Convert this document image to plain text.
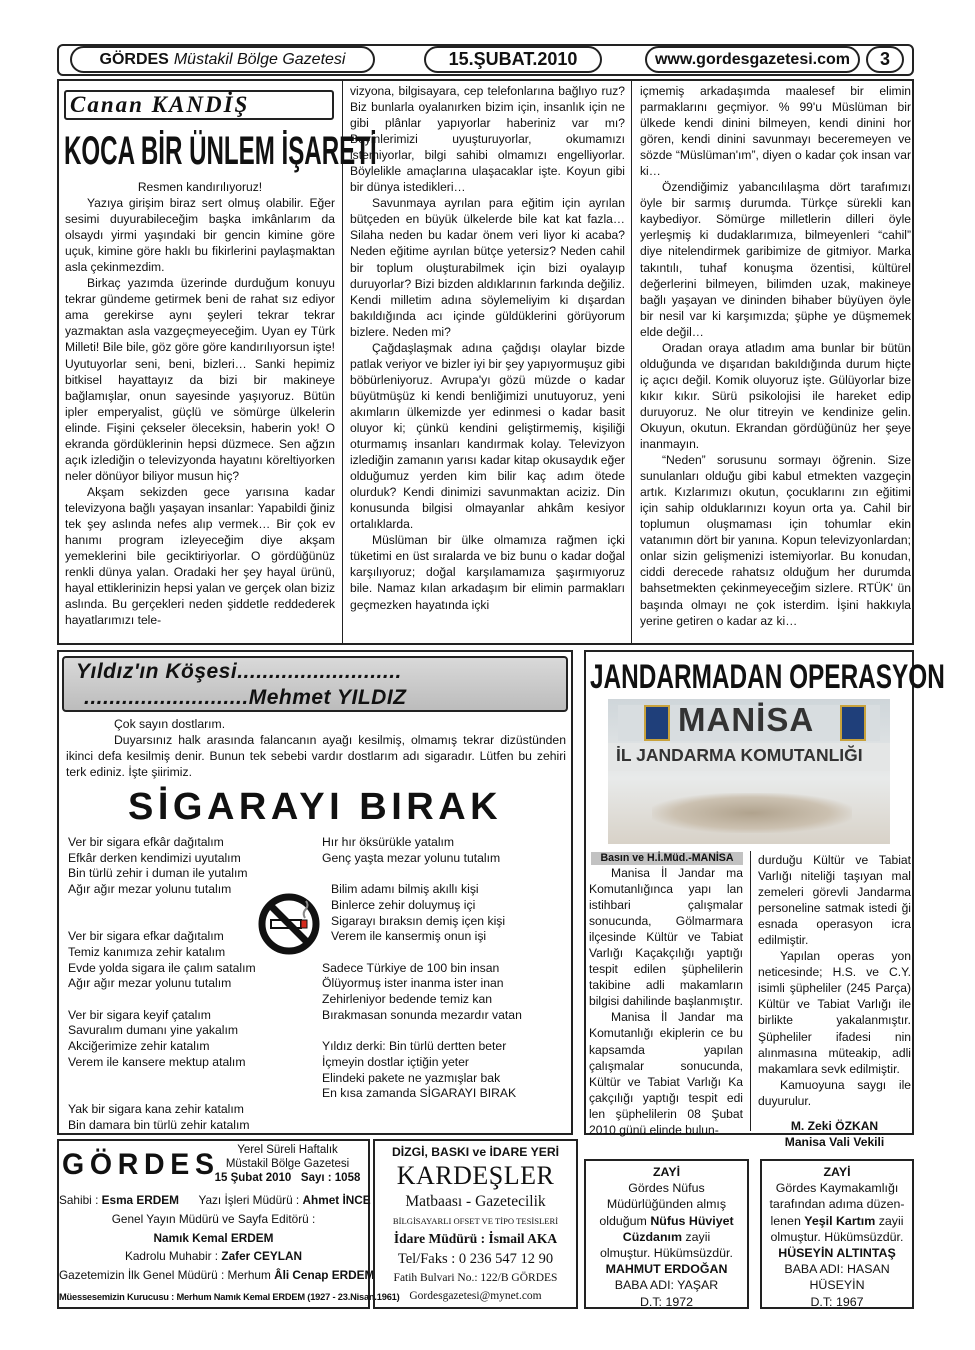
GÖRDES Müstakil Bölge Gazetesi	15.ŞUBAT.2010	www.gordesgazetesi.com	3
Canan KANDİŞ
KOCA BİR ÜNLEM İŞARETİ

Resmen kandırılıyoruz!

Yazıya girişim biraz sert olmuş olabilir. Eğer sesimi duyurabileceğim başka imkânlarım da olsaydı yirmi yaşındaki bir gencin kimine göre uçuk, kimine göre haklı bu fikirlerini paylaşmaktan asla çekinmezdim.

Birkaç yazımda üzerinde durduğum konuyu tekrar gündeme getirmek beni de rahat sız ediyor ama gerekirse aynı şeyleri tekrar tekrar yazmaktan asla vazgeçmeyeceğim. Uyan ey Türk Milleti! Bile bile, göz göre göre kandırılıyorsun işte! Uyutuyorlar seni, beni, bizleri… Sanki hepimiz bitkisel hayattayız da bizi bir makineye bağlamışlar, onun sayesinde yaşıyoruz. Bütün ipler emperyalist, güçlü ve sömürge ülkelerin elinde. Fişini çekseler öleceksin, haberin yok! O ekranda gördüklerinin hepsi düzmece. Sen ağzın açık izlediğin o televizyonda hayatını köreltiyorken neler dönüyor biliyor musun hiç?

Akşam sekizden gece yarısına kadar televizyona bağlı yaşayan insanlar: Yapabildi ğiniz tek şey aslında nefes alıp vermek… Bir çok ev hanımı program izleyeceğim diye akşam yemeklerini bile geciktiriyorlar. O gördüğünüz renkli dünya yalan. Oradaki her şey hayal ürünü, hayal ettiklerinizin hepsi yalan ve gerçek olan biziz aslında. Bu gerçekleri neden şiddetle reddederek hayatlarımızı tele-

vizyona, bilgisayara, cep telefonlarına bağlıyo ruz? Biz bunlarla oyalanırken bizim için, insanlık için ne gibi plânlar yapıyorlar haberiniz var mı? Beyinlerimizi uyuşturuyorlar, okumamızı istemiyorlar, bilgi sahibi olmamızı engelliyorlar. Böylelikle amaçlarına ulaşacaklar işte. Koyun gibi bir dünya istedikleri…

Savunmaya ayrılan para eğitim için ayrılan bütçeden en büyük ülkelerde bile kat kat fazla… Silaha neden bu kadar önem veri liyor ki acaba? Neden eğitime ayrılan bütçe yetersiz? Neden cahil bir toplum oluşturabilmek için bizi oyalayıp duruyorlar? Bizi bizden aldıklarının farkında değiliz. Kendi milletim adına söylemeliyim ki dışardan bakıldığında acı içinde güldüklerini görüyorum bizlere. Neden mi?

Çağdaşlaşmak adına çağdışı olaylar bizde patlak veriyor ve bizler iyi bir şey yapıyormuşuz gibi böbürleniyoruz. Avrupa'yı gözü müzde o kadar büyütmüşüz ki kendi benliğimizi unutuyoruz, yeni akımların ülkemizde yer edinmesi o kadar basit oluyor ki; çünkü kendini geliştirmemiş, kişiliği oturmamış insanları kandırmak kolay. Televizyon izlediğin zamanın yarısı kadar kitap okusaydık eğer olduğumuz yerden kim bilir kaç adım ötede olurduk? Kendi dinimizi savunmaktan aciziz. Din konusunda bilgisi olmayanlar ahkâm kesiyor ortalıklarda.

Müslüman bir ülke olmamıza rağmen içki tüketimi en üst sıralarda ve biz bunu o kadar doğal karşılıyoruz; doğal karşılamamıza şaşırmıyoruz bile. Namaz kılan arkadaşım bir elimin parmakları geçmezken hayatında içki

içmemiş arkadaşımda maalesef bir elimin parmaklarını geçmiyor. % 99'u Müslüman bir ülkede kendi dinini bilmeyen, kendi dinini hor gören, kendi dinini savunmayı beceremeyen ve sözde “Müslüman'ım”, diyen o kadar çok insan var ki…

Özendiğimiz yabancılılaşma dört tarafımızı öyle bir sarmış durumda. Türkçe sürekli kan kaybediyor. Sömürge milletlerin dilleri öyle yerleşmiş ki dudaklarımıza, bilmeyenleri “cahil” diye nitelendirmek garibimize de gitmiyor. Marka takıntılı, tuhaf konuşma özentisi, kültürel değerlerini bilmeyen, bilimden uzak, makineye bağlı yaşayan ve dininden bihaber büyüyen öyle bir nesil var ki karşımızda; şüphe ye düşmemek elde değil…

Oradan oraya atladım ama bunlar bir bütün olduğunda ve dışarıdan bakıldığında durum hiçte iç açıcı değil. Komik oluyoruz işte. Gülüyorlar bize kıkır kıkır. Sürü psikolojisi ile hareket edip duruyoruz. Ne olur titreyin ve kendinize gelin. Okuyun, okutun. Ekrandan gördüğünüz her şeye inanmayın.

“Neden” sorusunu sormayı öğrenin. Size sunulanları olduğu gibi kabul etmekten vazgeçin artık. Kızlarımızı okutun, çocuklarını zın eğitimi için sahip olduklarınızı koyun orta ya. Cahil bir toplumun oluşmaması için tohumlar ekin vatanımın dört bir yanına. Kopun televizyonlardan; onlar sizin gelişmenizi istemiyorlar. Bu konudan, ciddi derecede rahatsız olduğum her durumda bahsetmekten çekinmeyeceğim sizlere. RTÜK' ün başında olmayı ne çok isterdim. İşini hakkıyla yerine getiren o kadar az ki…

Yıldız'ın Köşesi..........................
..........................Mehmet YILDIZ
Çok sayın dostlarım.
Duyarsınız halk arasında falancanın ayağı kesilmiş, olmamış tekrar dizüstünden ikinci defa kesilmiş denir. Bunun tek sebebi vardır dostlarım adı sigaradır. Lütfen bu zehiri terk ediniz. İşte şiirimiz.
SİGARAYI BIRAK
Ver bir sigara efkâr dağıtalım
Efkâr derken kendimizi uyutalım
Bin türlü zehir i duman ile yutalım
Ağır ağır mezar yolunu tutalım
Ver bir sigara efkar dağıtalım
Temiz kanımıza zehir katalım
Evde yolda sigara ile çalım satalım
Ağır ağır mezar yolunu tutalım
Ver bir sigara keyif çatalım
Savuralım dumanı yine yakalım
Akciğerimize zehir katalım
Verem ile kansere mektup atalım
Yak bir sigara kana zehir katalım
Bin damara bin türlü zehir katalım
Hır hır öksürükle yatalım
Genç yaşta mezar yolunu tutalım
Bilim adamı bilmiş akıllı kişi
Binlerce zehir doluymuş içi
Sigarayı bıraksın demiş içen kişi
Verem ile kansermiş onun işi
Sadece Türkiye de 100 bin insan
Ölüyormuş ister inanma ister inan
Zehirleniyor bedende temiz kan
Bırakmasan sonunda mezardır vatan
Yıldız derki: Bin türlü dertten beter
İçmeyin dostlar içtiğin yeter
Elindeki pakete ne yazmışlar bak
En kısa zamanda SİGARAYI BIRAK
JANDARMADAN OPERASYON
MANİSA
İL JANDARMA KOMUTANLIĞI
Basın ve H.İ.Müd.-MANİSA

Manisa İl Jandar ma Komutanlığınca yapı lan istihbari çalışmalar sonucunda, Gölmarmara ilçesinde Kültür ve Tabiat Varlığı Kaçakçılığı yaptığı tespit edilen şüphelilerin takibine adli makamların bilgisi dahilinde başlanmıştır.

Manisa İl Jandar ma Komutanlığı ekiplerin ce bu kapsamda yapılan çalışmalar sonucunda, Kültür ve Tabiat Varlığı Ka çakçılığı yaptığı tespit edi len şüphelilerin 08 Şubat 2010 günü elinde bulun-

durduğu Kültür ve Tabiat Varlığı niteliği taşıyan mal zemeleri görevli Jandarma personeline satmak istedi ği esnada operasyon icra edilmiştir.

Yapılan operas yon neticesinde; H.S. ve C.Y. isimli şüpheliler (245 Parça) Kültür ve Tabiat Varlığı ile birlikte yakalanmıştır. Şüpheliler ifadesi nin alınmasına müteakip, adli makamlara sevk edilmiştir.

Kamuoyuna saygı ile duyurulur.

M. Zeki ÖZKAN
Manisa Vali Vekili
GÖRDES	Yerel Süreli Haftalık
Müstakil Bölge Gazetesi
15 Şubat 2010   Sayı : 1058
Sahibi : Esma ERDEM Yazı İşleri Müdürü : Ahmet İNCE
Genel Yayın Müdürü ve Sayfa Editörü :
Namık Kemal ERDEM
Kadrolu Muhabir : Zafer CEYLAN
Gazetemizin İlk Genel Müdürü : Merhum Âli Cenap ERDEM
Müessesemizin Kurucusu : Merhum Namık Kemal ERDEM (1927 - 23.Nisan.1961)
DİZGİ, BASKI ve İDARE YERİ
KARDEŞLER
Matbaası - Gazetecilik
BİLGİSAYARLI OFSET VE TİPO TESİSLERİ
İdare Müdürü : İsmail AKA
Tel/Faks : 0 236 547 12 90
Fatih Bulvari No.: 122/B GÖRDES
Gordesgazetesi@mynet.com
ZAYİ
Gördes Nüfus
Müdürlüğünden almış
olduğum Nüfus Hüviyet
Cüzdanım zayii
olmuştur. Hükümsüzdür.
MAHMUT ERDOĞAN
BABA ADI: YAŞAR
D.T: 1972
ZAYİ
Gördes Kaymakamlığı
tarafından adıma düzen-
lenen Yeşil Kartım zayii
olmuştur. Hükümsüzdür.
HÜSEYİN ALTINTAŞ
BABA ADI: HASAN
HÜSEYİN
D.T: 1967
